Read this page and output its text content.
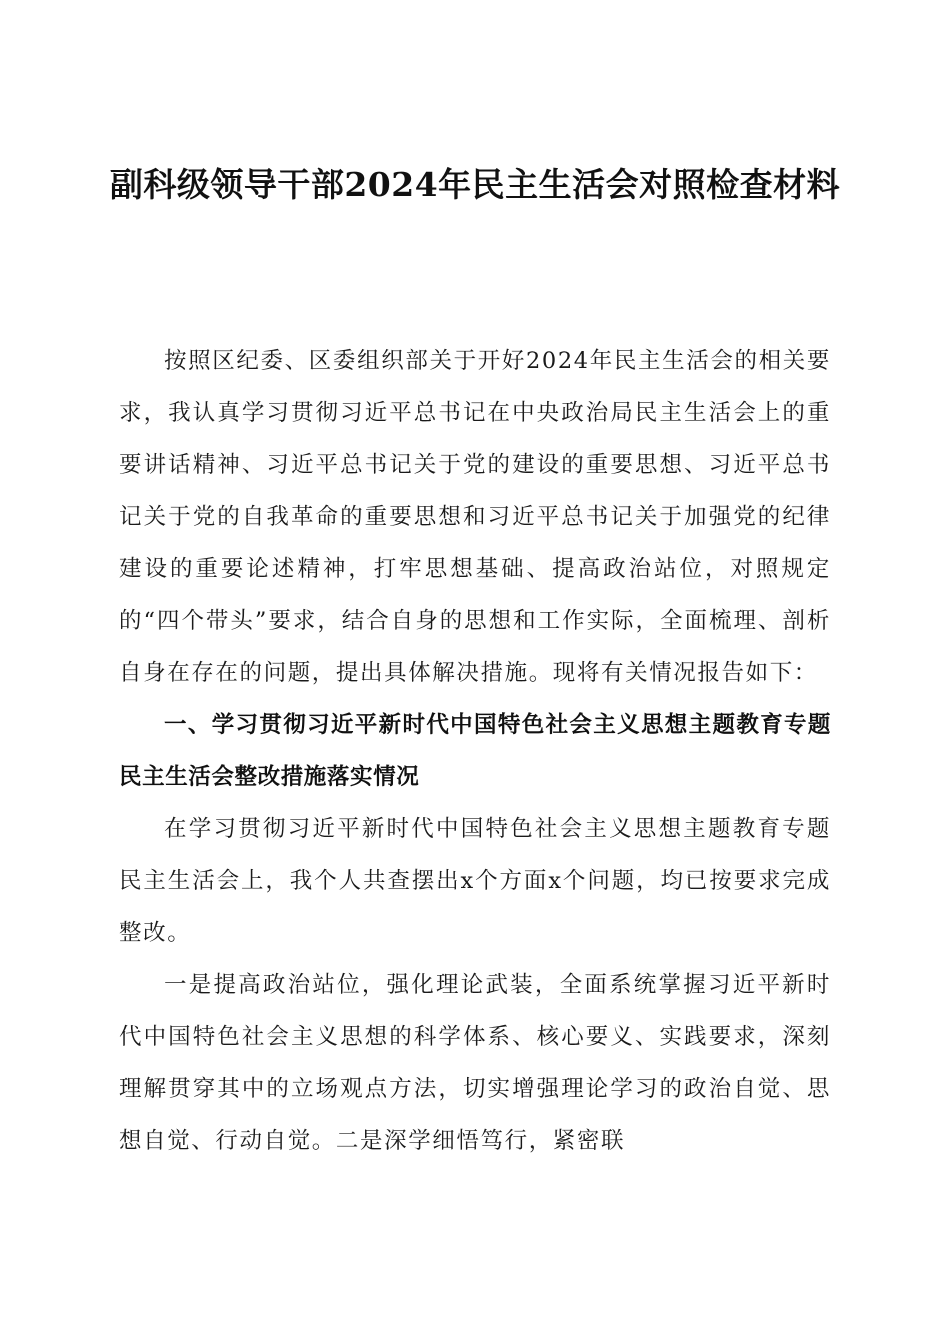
副科级领导干部2024年民主生活会对照检查材料

按照区纪委、区委组织部关于开好2024年民主生活会的相关要求，我认真学习贯彻习近平总书记在中央政治局民主生活会上的重要讲话精神、习近平总书记关于党的建设的重要思想、习近平总书记关于党的自我革命的重要思想和习近平总书记关于加强党的纪律建设的重要论述精神，打牢思想基础、提高政治站位，对照规定的“四个带头”要求，结合自身的思想和工作实际，全面梳理、剖析自身在存在的问题，提出具体解决措施。现将有关情况报告如下：

一、学习贯彻习近平新时代中国特色社会主义思想主题教育专题民主生活会整改措施落实情况

在学习贯彻习近平新时代中国特色社会主义思想主题教育专题民主生活会上，我个人共查摆出x个方面x个问题，均已按要求完成整改。

一是提高政治站位，强化理论武装，全面系统掌握习近平新时代中国特色社会主义思想的科学体系、核心要义、实践要求，深刻理解贯穿其中的立场观点方法，切实增强理论学习的政治自觉、思想自觉、行动自觉。二是深学细悟笃行，紧密联
